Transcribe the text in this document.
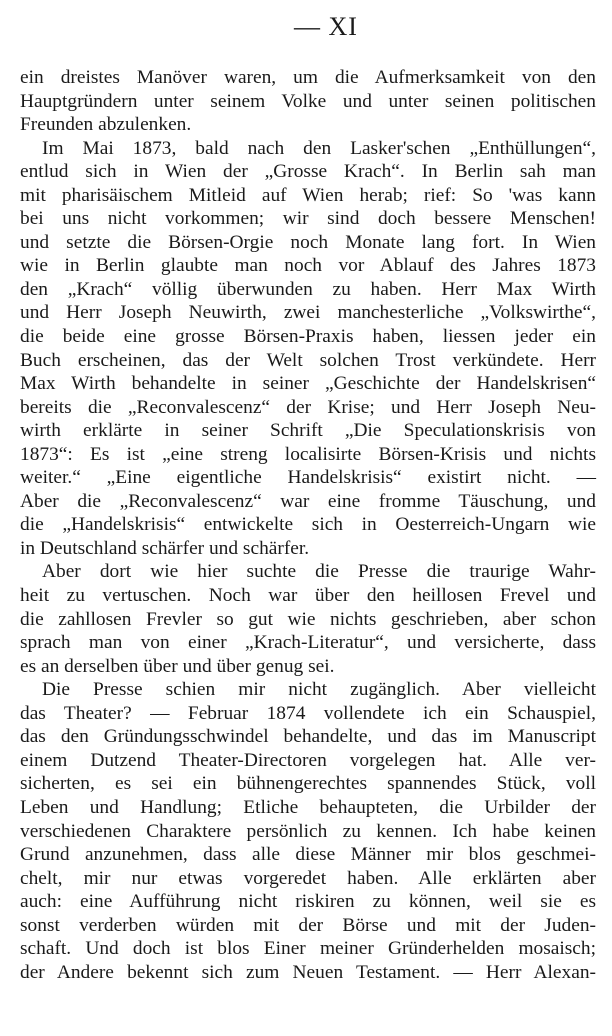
— XI
ein dreistes Manöver waren, um die Aufmerksamkeit von den
Hauptgründern unter seinem Volke und unter seinen politischen
Freunden abzulenken.
Im Mai 1873, bald nach den Lasker'schen „Enthüllungen“,
entlud sich in Wien der „Grosse Krach“. In Berlin sah man
mit pharisäischem Mitleid auf Wien herab; rief: So 'was kann
bei uns nicht vorkommen; wir sind doch bessere Menschen!
und setzte die Börsen-Orgie noch Monate lang fort. In Wien
wie in Berlin glaubte man noch vor Ablauf des Jahres 1873
den „Krach“ völlig überwunden zu haben. Herr Max Wirth
und Herr Joseph Neuwirth, zwei manchesterliche „Volkswirthe“,
die beide eine grosse Börsen-Praxis haben, liessen jeder ein
Buch erscheinen, das der Welt solchen Trost verkündete. Herr
Max Wirth behandelte in seiner „Geschichte der Handelskrisen“
bereits die „Reconvalescenz“ der Krise; und Herr Joseph Neu-
wirth erklärte in seiner Schrift „Die Speculationskrisis von
1873“: Es ist „eine streng localisirte Börsen-Krisis und nichts
weiter.“ „Eine eigentliche Handelskrisis“ existirt nicht. —
Aber die „Reconvalescenz“ war eine fromme Täuschung, und
die „Handelskrisis“ entwickelte sich in Oesterreich-Ungarn wie
in Deutschland schärfer und schärfer.
Aber dort wie hier suchte die Presse die traurige Wahr-
heit zu vertuschen. Noch war über den heillosen Frevel und
die zahllosen Frevler so gut wie nichts geschrieben, aber schon
sprach man von einer „Krach-Literatur“, und versicherte, dass
es an derselben über und über genug sei.
Die Presse schien mir nicht zugänglich. Aber vielleicht
das Theater? — Februar 1874 vollendete ich ein Schauspiel,
das den Gründungsschwindel behandelte, und das im Manuscript
einem Dutzend Theater-Directoren vorgelegen hat. Alle ver-
sicherten, es sei ein bühnengerechtes spannendes Stück, voll
Leben und Handlung; Etliche behaupteten, die Urbilder der
verschiedenen Charaktere persönlich zu kennen. Ich habe keinen
Grund anzunehmen, dass alle diese Männer mir blos geschmei-
chelt, mir nur etwas vorgeredet haben. Alle erklärten aber
auch: eine Aufführung nicht riskiren zu können, weil sie es
sonst verderben würden mit der Börse und mit der Juden-
schaft. Und doch ist blos Einer meiner Gründerhelden mosaisch;
der Andere bekennt sich zum Neuen Testament. — Herr Alexan-
